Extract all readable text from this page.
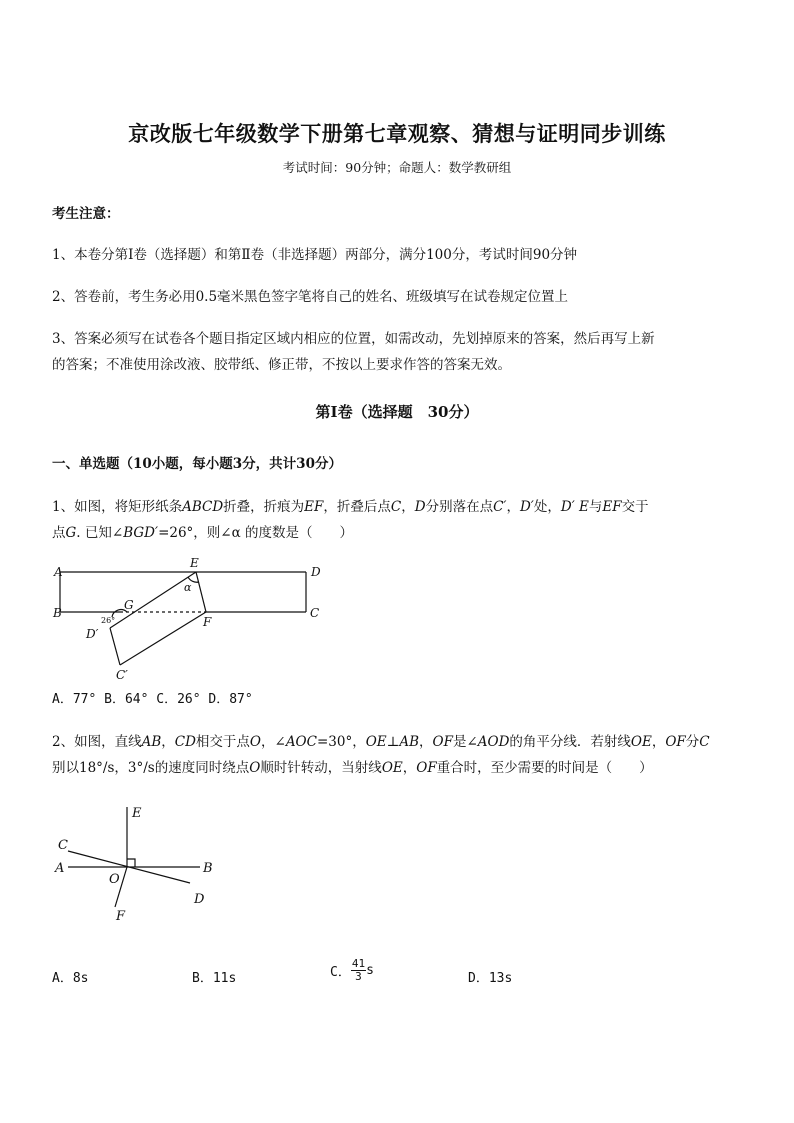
京改版七年级数学下册第七章观察、猜想与证明同步训练
考试时间：90分钟；命题人：数学教研组
考生注意：
1、本卷分第Ⅰ卷（选择题）和第Ⅱ卷（非选择题）两部分，满分100分，考试时间90分钟
2、答卷前，考生务必用0.5毫米黑色签字笔将自己的姓名、班级填写在试卷规定位置上
3、答案必须写在试卷各个题目指定区域内相应的位置，如需改动，先划掉原来的答案，然后再写上新
的答案；不准使用涂改液、胶带纸、修正带，不按以上要求作答的答案无效。
第Ⅰ卷（选择题　30分）
一、单选题（10小题，每小题3分，共计30分）
1、如图，将矩形纸条ABCD折叠，折痕为EF，折叠后点C，D分别落在点C′，D′处，D′ E与EF交于
点G. 已知∠BGD′=26°，则∠α 的度数是（　　）
A
B
D
C
E
F
G
D′
C′
α
26°
A．77° B．64° C．26° D．87°
2、如图，直线AB，CD相交于点O，∠AOC=30°，OE⊥AB，OF是∠AOD的角平分线．若射线OE，OF分C
别以18°/s，3°/s的速度同时绕点O顺时针转动，当射线OE，OF重合时，至少需要的时间是（　　）
E
C
A	B
O
D
F
A．8s	B．11s	C． $\frac{41}{3}$ s
D．13s
